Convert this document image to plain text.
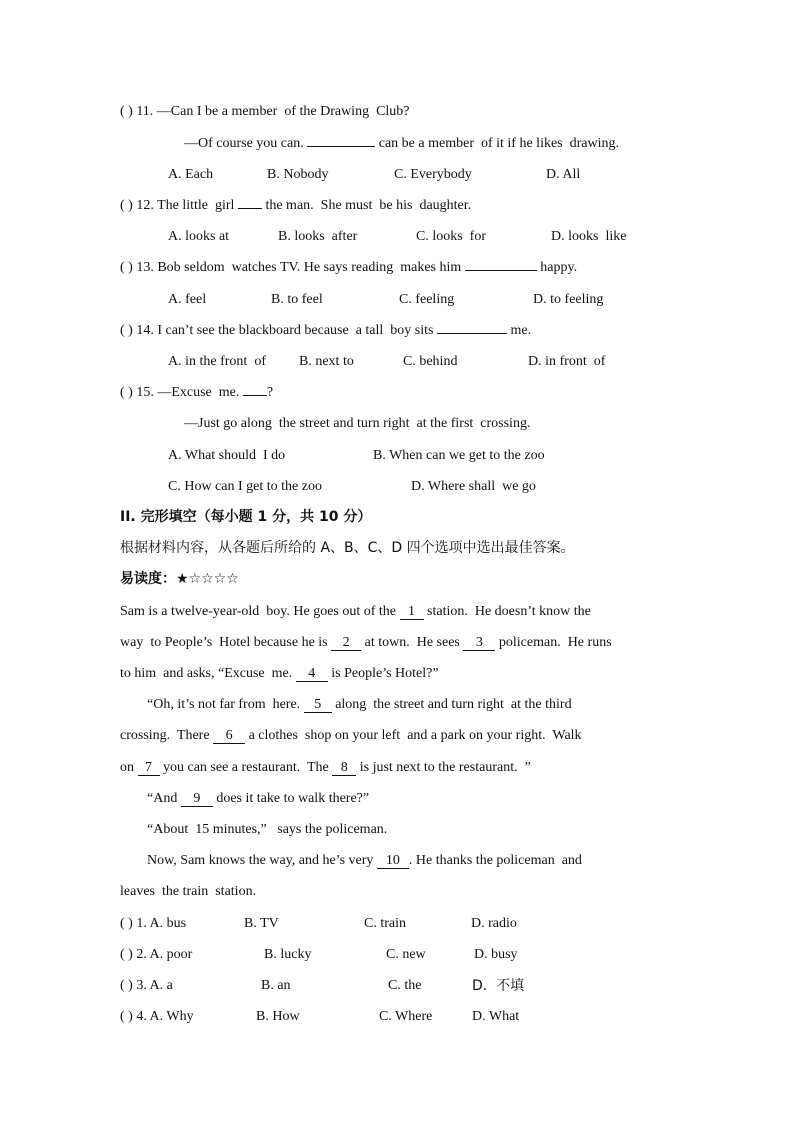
( ) 11. —Can I be a member  of the Drawing  Club?
—Of course you can.	can be a member  of it if he likes  drawing.
A. Each	B. Nobody	C. Everybody	D. All
( ) 12. The little  girl  the man.  She must  be his  daughter.
A. looks at	B. looks  after	C. looks  for	D. looks  like
( ) 13. Bob seldom  watches TV. He says reading  makes him	happy.
A. feel	B. to feel	C. feeling	D. to feeling
( ) 14. I can’t see the blackboard because  a tall  boy sits	me.
A. in the front  of B. next to	C. behind	D. in front  of
( ) 15. —Excuse  me. ?
—Just go along  the street and turn right  at the first  crossing.
A. What should  I do	B. When can we get to the zoo
C. How can I get to the zoo	D. Where shall  we go
II. 完形填空（每小题 1 分，共 10 分）
根据材料内容，从各题后所给的 A、B、C、D 四个选项中选出最佳答案。
易读度：★☆☆☆☆
Sam is a twelve-year-old  boy. He goes out of the 1 station.  He doesn’t know the
way  to People’s  Hotel because he is 2 at town.  He sees 3 policeman.  He runs
to him  and asks, “Excuse  me. 4 is People’s Hotel?”
“Oh, it’s not far from  here. 5 along  the street and turn right  at the third
crossing.  There 6 a clothes  shop on your left  and a park on your right.  Walk
on 7 you can see a restaurant.  The 8 is just next to the restaurant.  ”
“And 9 does it take to walk there?”
“About  15 minutes,”   says the policeman.
Now, Sam knows the way, and he’s very 10 . He thanks the policeman  and
leaves  the train  station.
( ) 1. A. bus	B. TV	C. train	D. radio
( ) 2. A. poor	B. lucky	C. new	D. busy
( ) 3. A. a	B. an	C. the	D.  不填
( ) 4. A. Why	B. How	C. Where	D. What
